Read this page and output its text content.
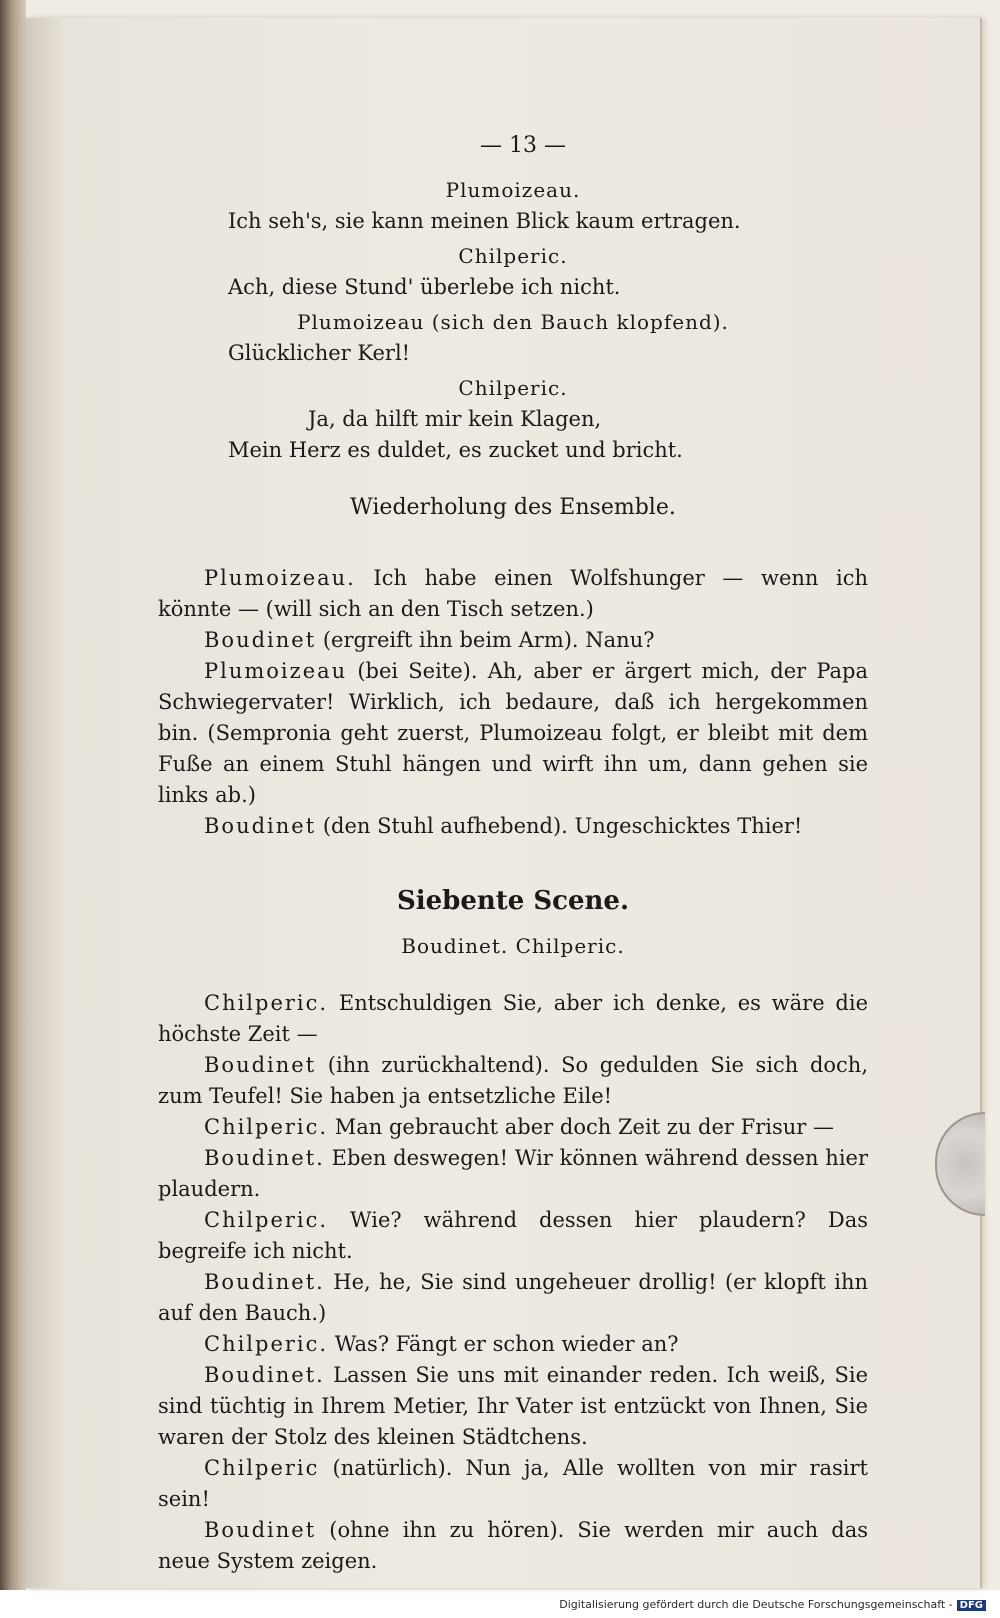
— 13 —
Plumoizeau.
Ich seh's, sie kann meinen Blick kaum ertragen.
Chilperic.
Ach, diese Stund' überlebe ich nicht.
Plumoizeau (sich den Bauch klopfend).
Glücklicher Kerl!
Chilperic.
Ja, da hilft mir kein Klagen,
Mein Herz es duldet, es zucket und bricht.
Wiederholung des Ensemble.
Plumoizeau. Ich habe einen Wolfshunger — wenn ich könnte — (will sich an den Tisch setzen.)
Boudinet (ergreift ihn beim Arm). Nanu?
Plumoizeau (bei Seite). Ah, aber er ärgert mich, der Papa Schwiegervater! Wirklich, ich bedaure, daß ich hergekommen bin. (Sempronia geht zuerst, Plumoizeau folgt, er bleibt mit dem Fuße an einem Stuhl hängen und wirft ihn um, dann gehen sie links ab.)
Boudinet (den Stuhl aufhebend). Ungeschicktes Thier!
Siebente Scene.
Boudinet. Chilperic.
Chilperic. Entschuldigen Sie, aber ich denke, es wäre die höchste Zeit —
Boudinet (ihn zurückhaltend). So gedulden Sie sich doch, zum Teufel! Sie haben ja entsetzliche Eile!
Chilperic. Man gebraucht aber doch Zeit zu der Frisur —
Boudinet. Eben deswegen! Wir können während dessen hier plaudern.
Chilperic. Wie? während dessen hier plaudern? Das begreife ich nicht.
Boudinet. He, he, Sie sind ungeheuer drollig! (er klopft ihn auf den Bauch.)
Chilperic. Was? Fängt er schon wieder an?
Boudinet. Lassen Sie uns mit einander reden. Ich weiß, Sie sind tüchtig in Ihrem Metier, Ihr Vater ist entzückt von Ihnen, Sie waren der Stolz des kleinen Städtchens.
Chilperic (natürlich). Nun ja, Alle wollten von mir rasirt sein!
Boudinet (ohne ihn zu hören). Sie werden mir auch das neue System zeigen.
Digitalisierung gefördert durch die Deutsche Forschungsgemeinschaft - DFG
